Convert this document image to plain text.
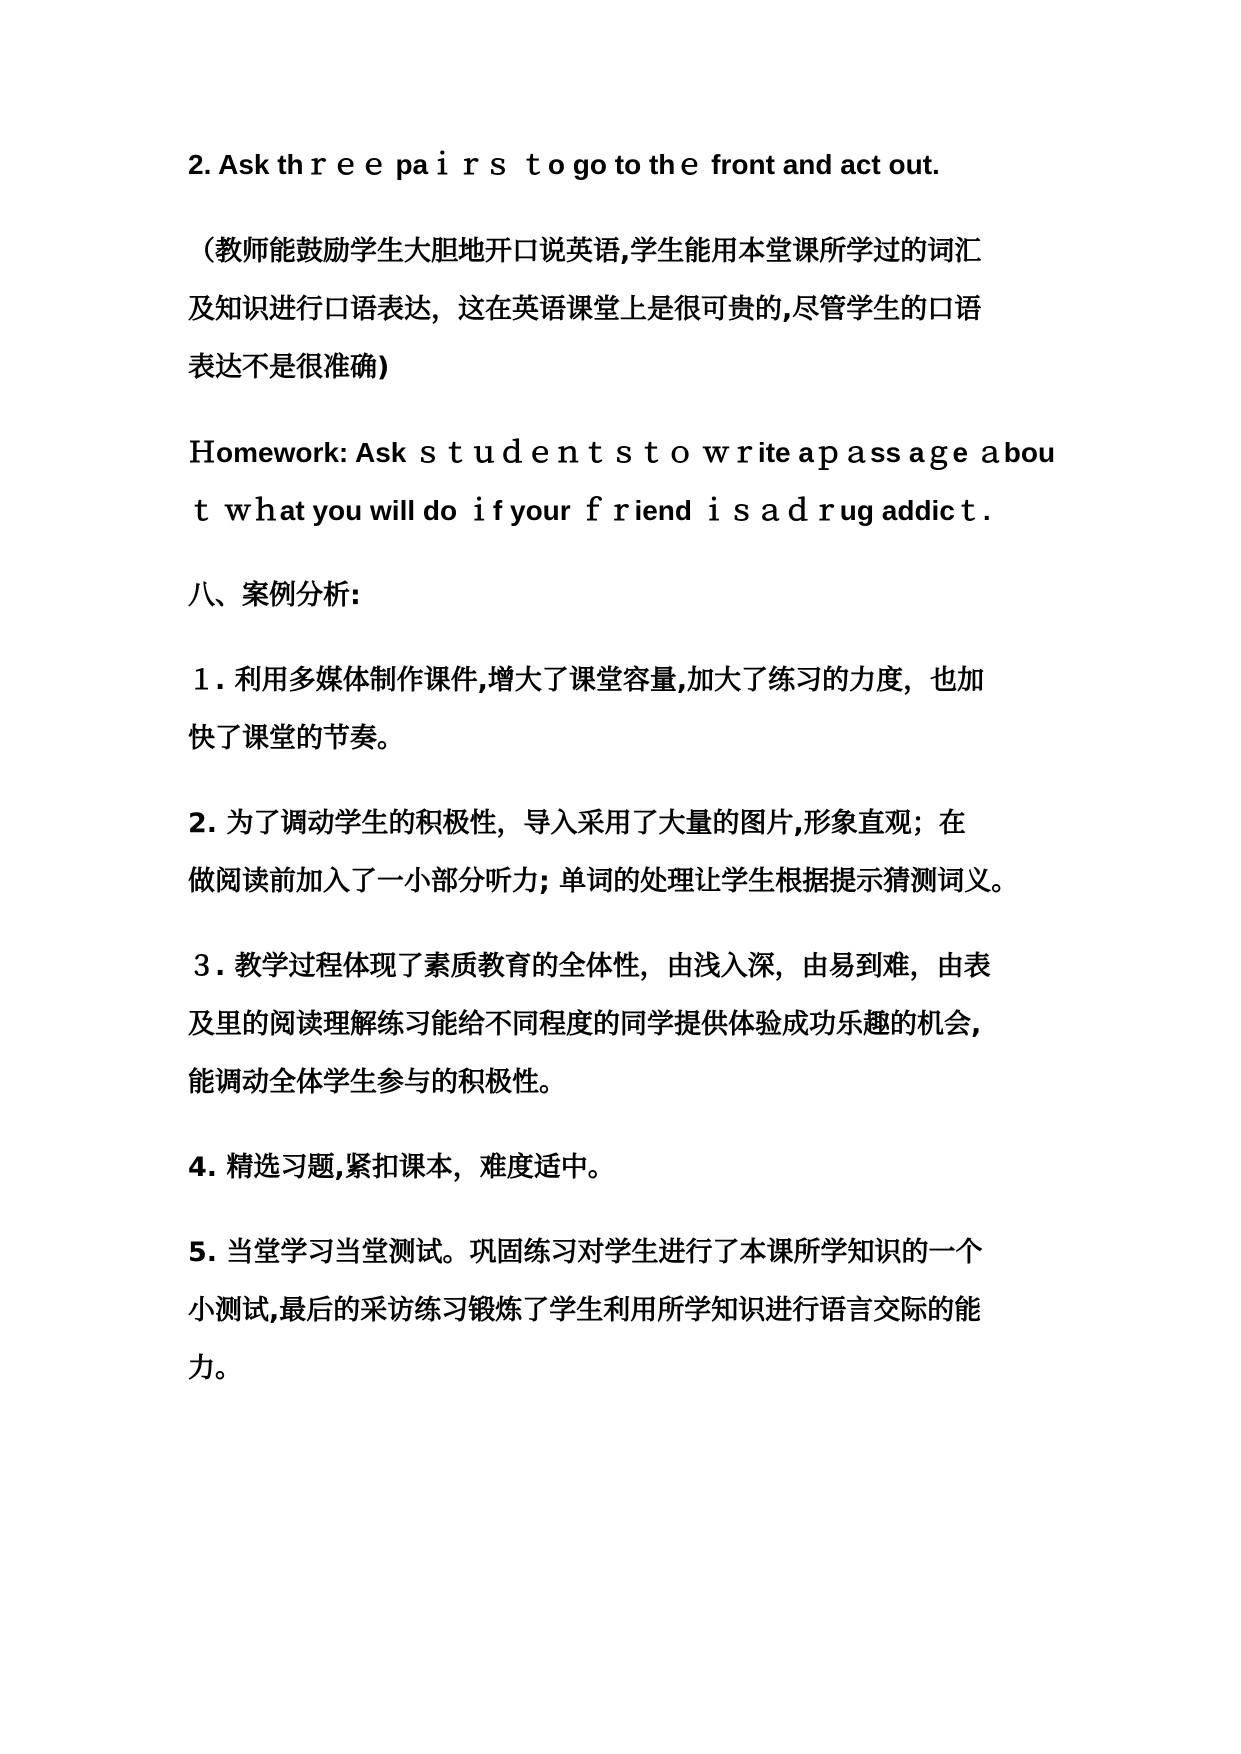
2. Ask thｒｅｅ paｉｒｓ ｔo go to thｅ front and act out.
（教师能鼓励学生大胆地开口说英语,学生能用本堂课所学过的词汇
及知识进行口语表达，这在英语课堂上是很可贵的,尽管学生的口语
表达不是很准确)
Ｈomework: Ask ｓｔｕｄｅｎｔｓｔｏ ｗｒite aｐａss aｇe ａbou
ｔ ｗｈat you will do ｉf your ｆｒiend ｉｓａｄｒug addicｔ.
八、案例分析:
１. 利用多媒体制作课件,增大了课堂容量,加大了练习的力度，也加
快了课堂的节奏。
2. 为了调动学生的积极性，导入采用了大量的图片,形象直观；在
做阅读前加入了一小部分听力; 单词的处理让学生根据提示猜测词义。
３. 教学过程体现了素质教育的全体性，由浅入深，由易到难，由表
及里的阅读理解练习能给不同程度的同学提供体验成功乐趣的机会,
能调动全体学生参与的积极性。
4. 精选习题,紧扣课本，难度适中。
5. 当堂学习当堂测试。巩固练习对学生进行了本课所学知识的一个
小测试,最后的采访练习锻炼了学生利用所学知识进行语言交际的能
力。
